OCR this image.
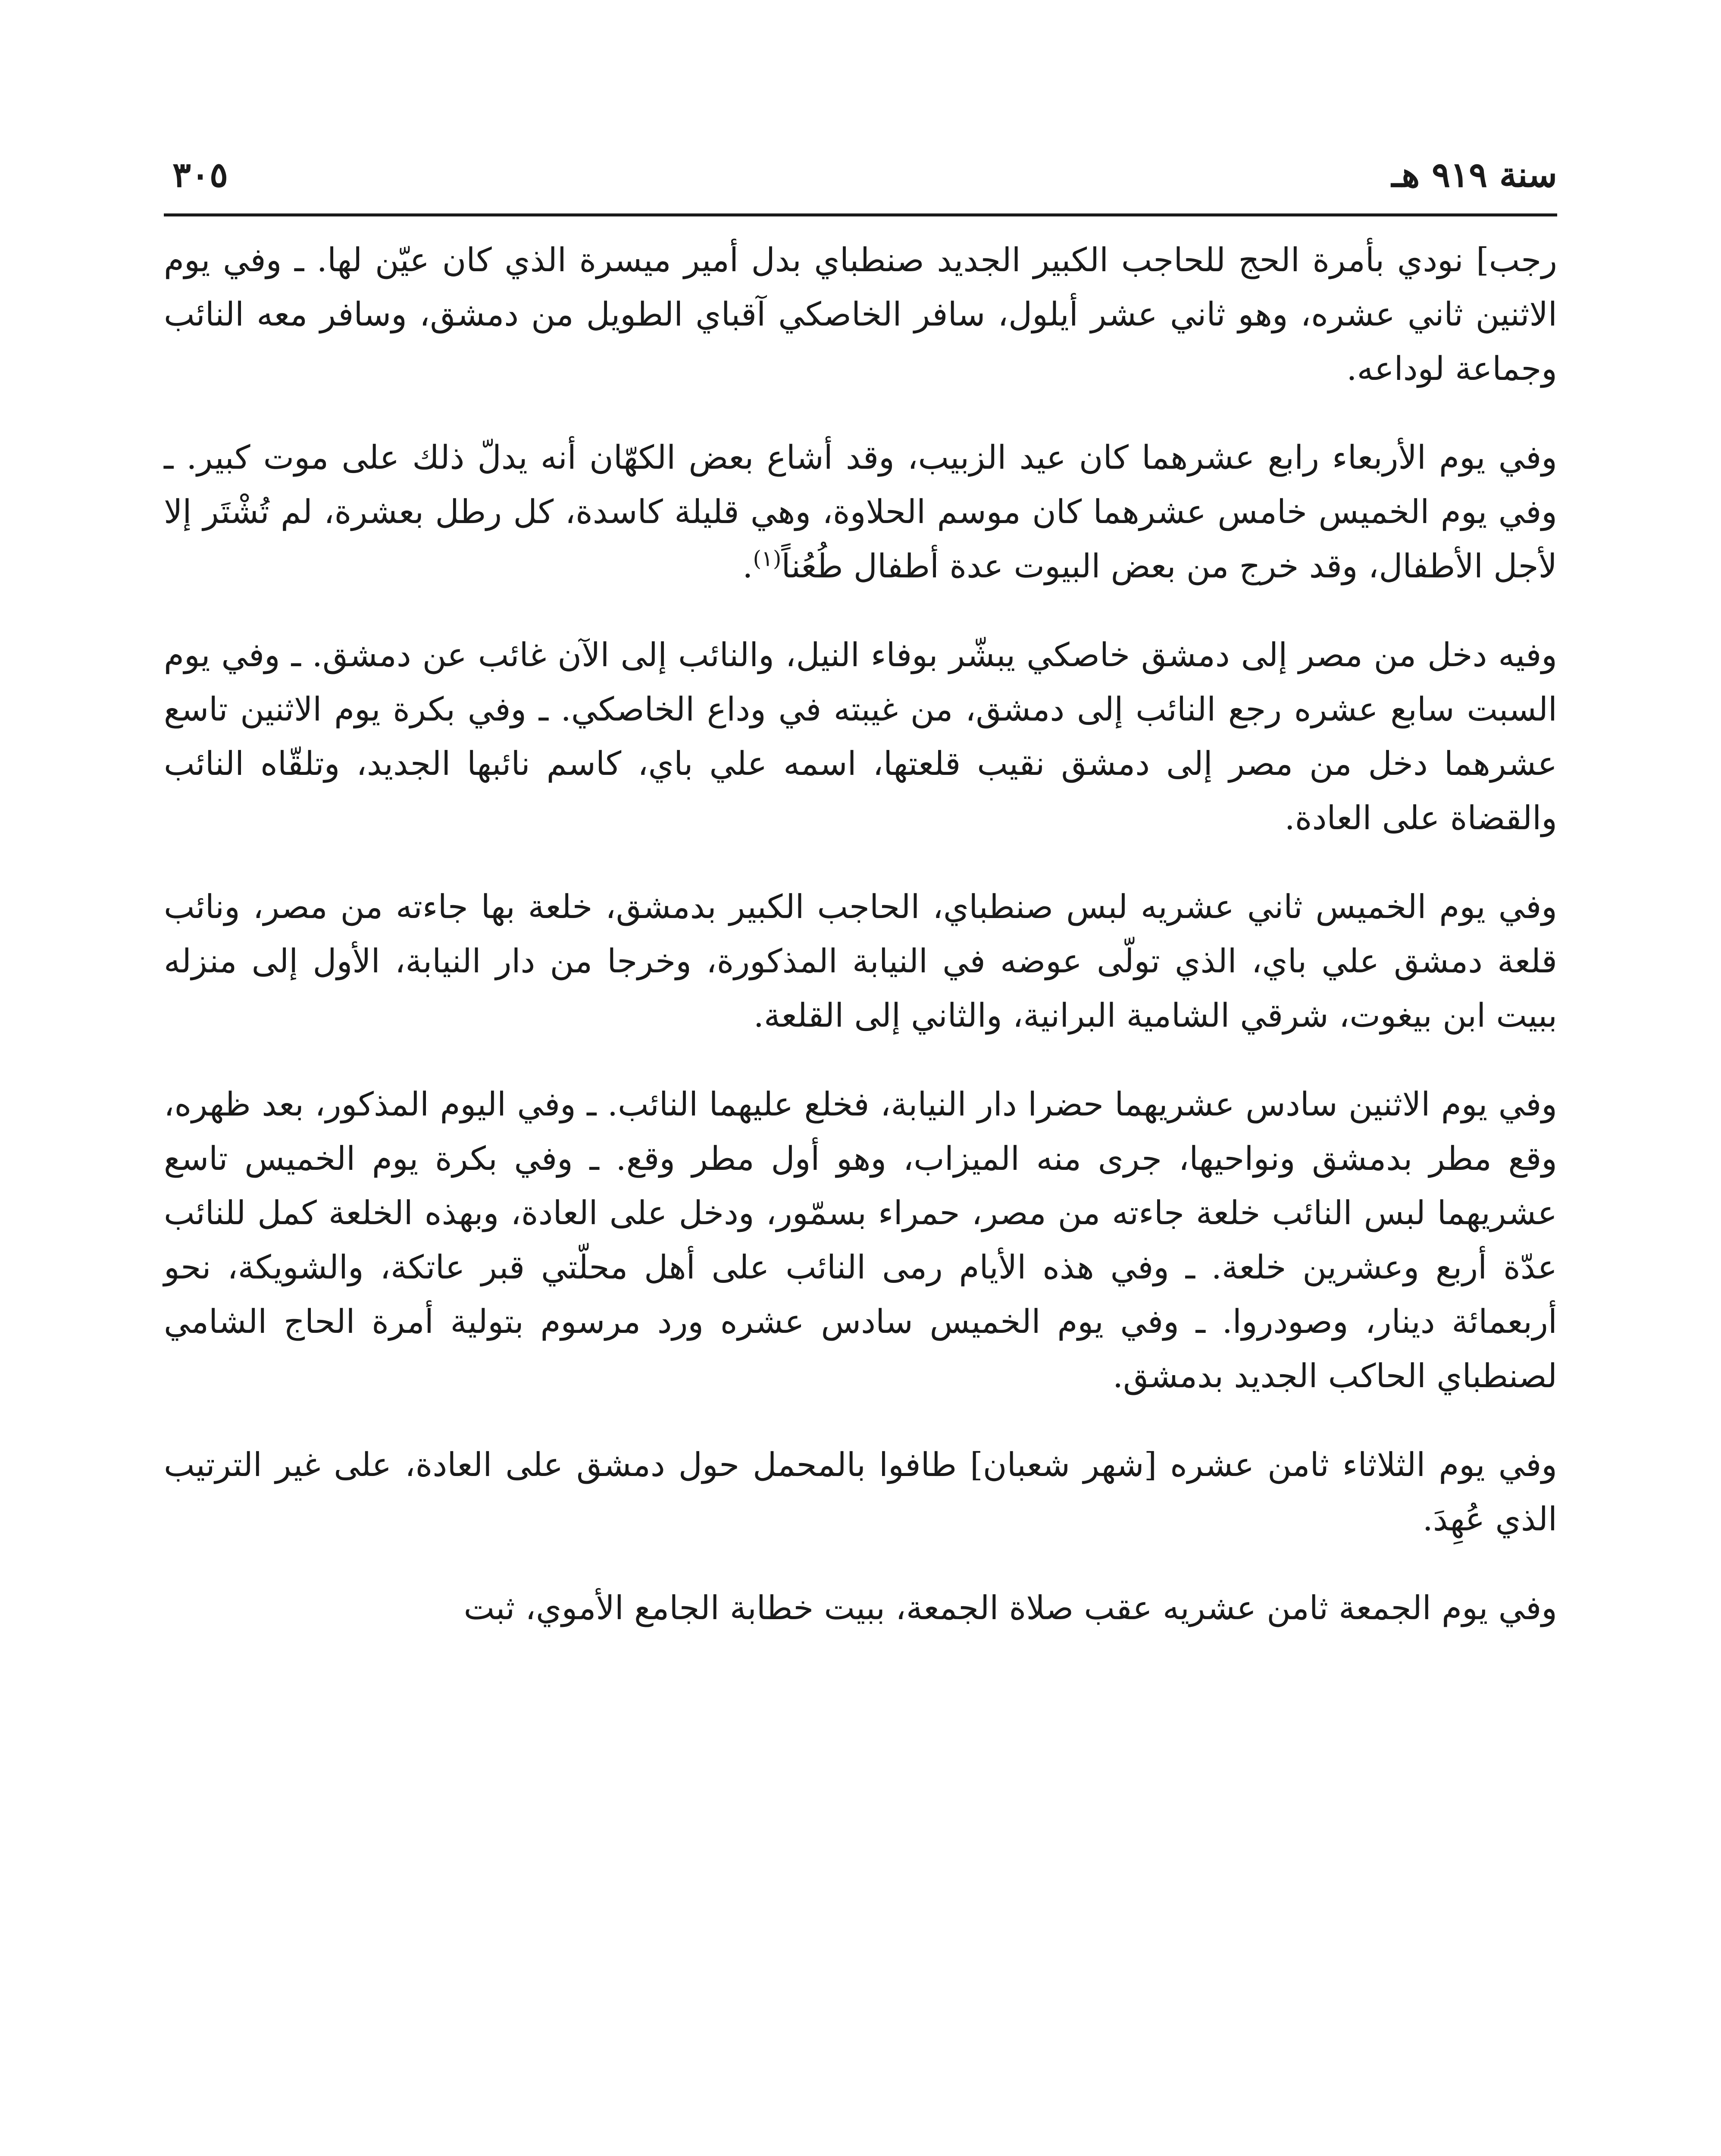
سنة ٩١٩ هـ
٣٠٥

رجب] نودي بأمرة الحج للحاجب الكبير الجديد صنطباي بدل أمير ميسرة الذي كان عيّن لها. ـ وفي يوم الاثنين ثاني عشره، وهو ثاني عشر أيلول، سافر الخاصكي آقباي الطويل من دمشق، وسافر معه النائب وجماعة لوداعه.

وفي يوم الأربعاء رابع عشرهما كان عيد الزبيب، وقد أشاع بعض الكهّان أنه يدلّ ذلك على موت كبير. ـ وفي يوم الخميس خامس عشرهما كان موسم الحلاوة، وهي قليلة كاسدة، كل رطل بعشرة، لم تُشْتَر إلا لأجل الأطفال، وقد خرج من بعض البيوت عدة أطفال طُعُناً$^{(١)}$.

وفيه دخل من مصر إلى دمشق خاصكي يبشّر بوفاء النيل، والنائب إلى الآن غائب عن دمشق. ـ وفي يوم السبت سابع عشره رجع النائب إلى دمشق، من غيبته في وداع الخاصكي. ـ وفي بكرة يوم الاثنين تاسع عشرهما دخل من مصر إلى دمشق نقيب قلعتها، اسمه علي باي، كاسم نائبها الجديد، وتلقّاه النائب والقضاة على العادة.

وفي يوم الخميس ثاني عشريه لبس صنطباي، الحاجب الكبير بدمشق، خلعة بها جاءته من مصر، ونائب قلعة دمشق علي باي، الذي تولّى عوضه في النيابة المذكورة، وخرجا من دار النيابة، الأول إلى منزله ببيت ابن بيغوت، شرقي الشامية البرانية، والثاني إلى القلعة.

وفي يوم الاثنين سادس عشريهما حضرا دار النيابة، فخلع عليهما النائب. ـ وفي اليوم المذكور، بعد ظهره، وقع مطر بدمشق ونواحيها، جرى منه الميزاب، وهو أول مطر وقع. ـ وفي بكرة يوم الخميس تاسع عشريهما لبس النائب خلعة جاءته من مصر، حمراء بسمّور، ودخل على العادة، وبهذه الخلعة كمل للنائب عدّة أربع وعشرين خلعة. ـ وفي هذه الأيام رمى النائب على أهل محلّتي قبر عاتكة، والشويكة، نحو أربعمائة دينار، وصودروا. ـ وفي يوم الخميس سادس عشره ورد مرسوم بتولية أمرة الحاج الشامي لصنطباي الحاكب الجديد بدمشق.

وفي يوم الثلاثاء ثامن عشره [شهر شعبان] طافوا بالمحمل حول دمشق على العادة، على غير الترتيب الذي عُهِدَ.

وفي يوم الجمعة ثامن عشريه عقب صلاة الجمعة، ببيت خطابة الجامع الأموي، ثبت
